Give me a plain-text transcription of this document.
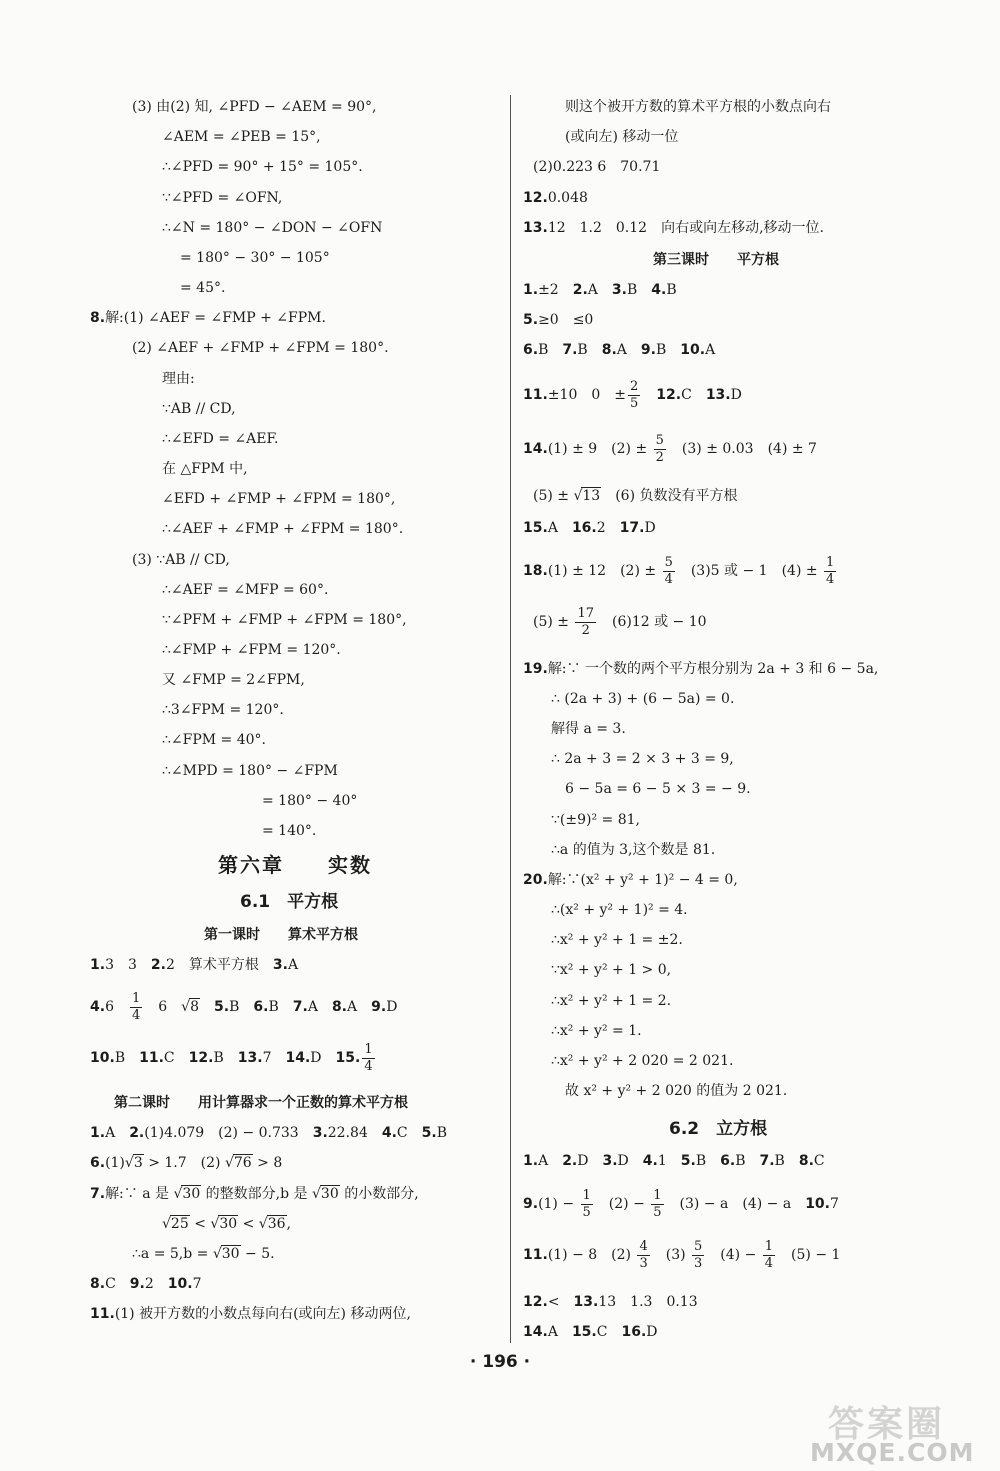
(3) 由(2) 知, ∠PFD − ∠AEM = 90°,
∠AEM = ∠PEB = 15°,
∴∠PFD = 90° + 15° = 105°.
∵∠PFD = ∠OFN,
∴∠N = 180° − ∠DON − ∠OFN
= 180° − 30° − 105°
= 45°.
8.解:(1) ∠AEF = ∠FMP + ∠FPM.
(2) ∠AEF + ∠FMP + ∠FPM = 180°.
理由:
∵AB // CD,
∴∠EFD = ∠AEF.
在 △FPM 中,
∠EFD + ∠FMP + ∠FPM = 180°,
∴∠AEF + ∠FMP + ∠FPM = 180°.
(3) ∵AB // CD,
∴∠AEF = ∠MFP = 60°.
∵∠PFM + ∠FMP + ∠FPM = 180°,
∴∠FMP + ∠FPM = 120°.
又 ∠FMP = 2∠FPM,
∴3∠FPM = 120°.
∴∠FPM = 40°.
∴∠MPD = 180° − ∠FPM
= 180° − 40°
= 140°.
第六章　　实数
6.1　平方根
第一课时　　算术平方根
1.3　3　 2.2　算术平方根　 3.A
4.6　 $\frac{1}{4}$
　 6　√8　 5.B　 6.B　 7.A　 8.A　 9.D
10.B　 11.C　 12.B　 13.7　 14.D　 15. $\frac{1}{4}$
第二课时　　用计算器求一个正数的算术平方根
1.A　 2.(1)4.079　(2) − 0.733　 3.22.84　 4.C　 5.B
6.(1)√3 > 1.7　(2) √76 > 8
7.解:∵ a 是 √30 的整数部分,b 是 √30 的小数部分,
√25 < √30 < √36,
∴a = 5,b = √30 − 5.
8.C　 9.2　 10.7
11.(1) 被开方数的小数点每向右(或向左) 移动两位,
则这个被开方数的算术平方根的小数点向右
(或向左) 移动一位
(2)0.223 6　70.71
12.0.048
13.12　1.2　0.12　向右或向左移动,移动一位.
第三课时　　平方根
1.±2　 2.A　 3.B　 4.B
5.≥0　≤0
6.B　 7.B　 8.A　 9.B　 10.A
11.±10　0　± $\frac{2}{5}$
　 12.C　 13.D
14.(1) ± 9　$(2) \pm \frac{5}{2}$ 　(3) ± 0.03　(4) ± 7
(5) ± √13　(6) 负数没有平方根
15.A　 16.2　 17.D
18.(1) ± 12　$(2) \pm \frac{5}{4}$ 　(3)5 或 − 1　$(4) \pm \frac{1}{4}$
$(5) \pm \frac{17}{2}$ 　(6)12 或 − 10
19.解:∵ 一个数的两个平方根分别为 2a + 3 和 6 − 5a,
∴ (2a + 3) + (6 − 5a) = 0.
解得 a = 3.
∴ 2a + 3 = 2 × 3 + 3 = 9,
6 − 5a = 6 − 5 × 3 = − 9.
∵(±9)² = 81,
∴a 的值为 3,这个数是 81.
20.解:∵(x² + y² + 1)² − 4 = 0,
∴(x² + y² + 1)² = 4.
∴x² + y² + 1 = ±2.
∵x² + y² + 1 > 0,
∴x² + y² + 1 = 2.
∴x² + y² = 1.
∴x² + y² + 2 020 = 2 021.
故 x² + y² + 2 020 的值为 2 021.
6.2　立方根
1.A　 2.D　 3.D　 4.1　 5.B　 6.B　 7.B　 8.C
$9.(1) - \frac{1}{5}$ 　$(2) - \frac{1}{5}$ 　(3) − a　(4) − a　 10.7
11.(1) − 8　$(2) \frac{4}{3}$ 　$(3) \frac{5}{3}$ 　$(4) - \frac{1}{4}$ 　(5) − 1
12.<　 13.13　1.3　0.13
14.A　 15.C　 16.D
· 196 ·
答案圈
MXQE.COM
